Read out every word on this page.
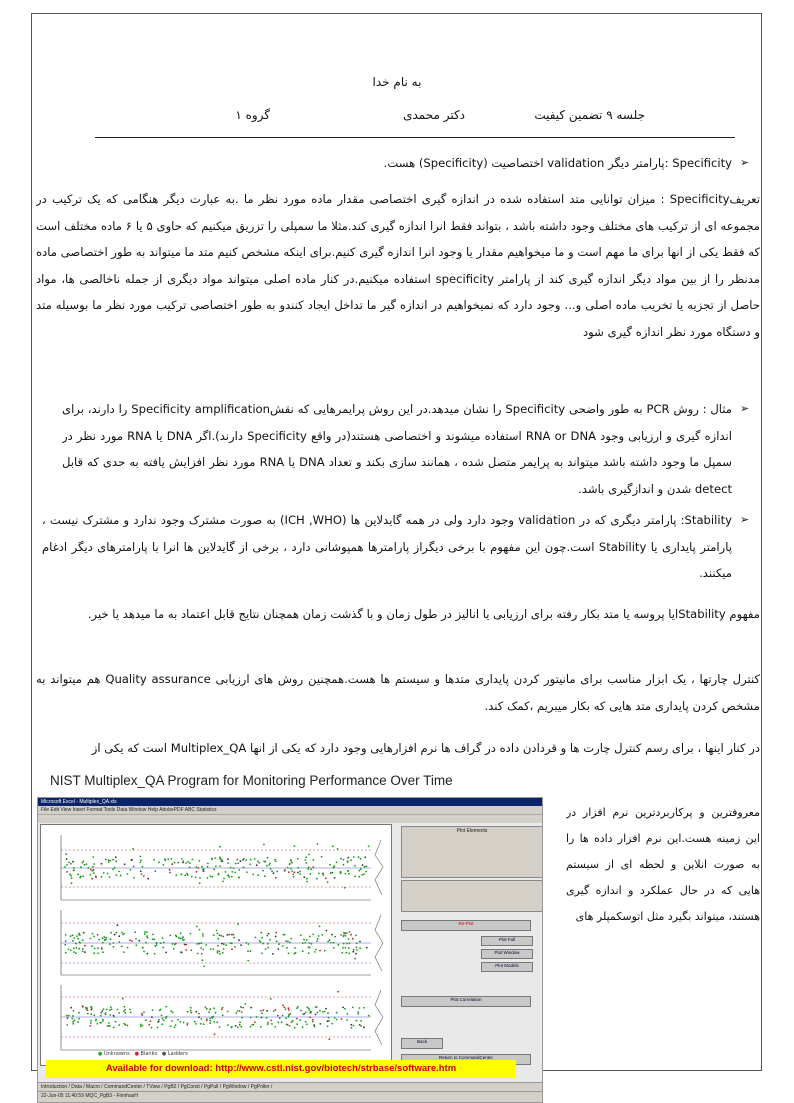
به نام خدا
جلسه ۹ تضمین کیفیت
دکتر محمدی
گروه ۱
➢
➢
➢
Specificity :پارامتر دیگر validation اختصاصیت (Specificity) هست.
تعریفSpecificity : میزان توانایی متد استفاده شده در اندازه گیری اختصاصی مقدار ماده مورد نظر ما .به عبارت دیگر هنگامی که یک ترکیب در مجموعه ای از ترکیب های مختلف وجود داشته باشد ، بتواند فقط انرا اندازه گیری کند.مثلا ما سمپلی را تزریق میکنیم که حاوی ۵ یا ۶ ماده مختلف است که فقط یکی از انها برای ما مهم است و ما میخواهیم مقدار یا وجود انرا اندازه گیری کنیم.برای اینکه مشخص کنیم متد ما میتواند به طور اختصاصی ماده مدنظر را از بین مواد دیگر اندازه گیری کند از پارامتر specificity استفاده میکنیم.در کنار ماده اصلی میتواند مواد دیگری از جمله ناخالصی ها، مواد حاصل از تجزیه یا تخریب ماده اصلی و... وجود دارد که نمیخواهیم در اندازه گیر ما تداخل ایجاد کنندو به طور اختصاصی ترکیب مورد نظر ما بوسیله متد و دستگاه مورد نظر اندازه گیری شود
مثال : روش PCR به طور واضحی Specificity را نشان میدهد.در این روش پرایمرهایی که نقشSpecificity amplification را دارند، برای اندازه گیری و ارزیابی وجود RNA or DNA استفاده میشوند و اختصاصی هستند(در واقع Specificity دارند).اگر DNA یا RNA مورد نظر در سمپل ما وجود داشته باشد میتواند به پرایمر متصل شده ، همانند سازی بکند و تعداد DNA یا RNA مورد نظر افزایش یافته به حدی که قابل detect شدن و اندازگیری باشد.
Stability: پارامتر دیگری که در validation وجود دارد ولی در همه گایدلاین ها (ICH ,WHO) به صورت مشترک وجود ندارد و مشترک نیست ، پارامتر پایداری یا Stability است.چون این مفهوم با برخی دیگراز پارامترها همپوشانی دارد ، برخی از گایدلاین ها انرا با پارامترهای دیگر ادغام میکنند.
مفهوم Stabilityایا پروسه یا متد بکار رفته برای ارزیابی یا انالیز در طول زمان و با گذشت زمان همچنان نتایج قابل اعتماد به ما میدهد یا خیر.
کنترل چارتها ، یک ابزار مناسب برای مانیتور کردن پایداری متدها و سیستم ها هست.همچنین روش های ارزیابی Quality assurance هم میتواند به مشخص کردن پایداری متد هایی که بکار میبریم ،کمک کند.
در کنار اینها ، برای رسم کنترل چارت ها و قردادن داده در گراف ها نرم افزارهایی وجود دارد که یکی از انها Multiplex_QA است که یکی از
معروفترین و پرکاربردترین نرم افزار در این زمینه هست.این نرم افزار داده ها را به صورت انلاین و لحظه ای از سیستم هایی که در حال عملکرد و اندازه گیری هستند، میتواند بگیرد مثل اتوسکمپلر های
NIST Multiplex_QA Program for Monitoring Performance Over Time
Microsoft Excel - Multiplex_QA.xls
File Edit View Insert Format Tools Data Window Help AdobePDF ABC Statistics
● Unknowns ● Blanks ● Ladders
Plot Elements
Re-Plot
Plot Full
Plot Window
Plot Models
Plot Correlation
Back
Return to CommandCenter
Available for download: http://www.cstl.nist.gov/biotech/strbase/software.htm
Introduction / Data / Macro / CommandCenter / TView / PgB2 / PgConst / PgPull / PgWindow / PgPoller /
22-Jun-05 11:40:59 MQC_PgB3 - FinnhasH
